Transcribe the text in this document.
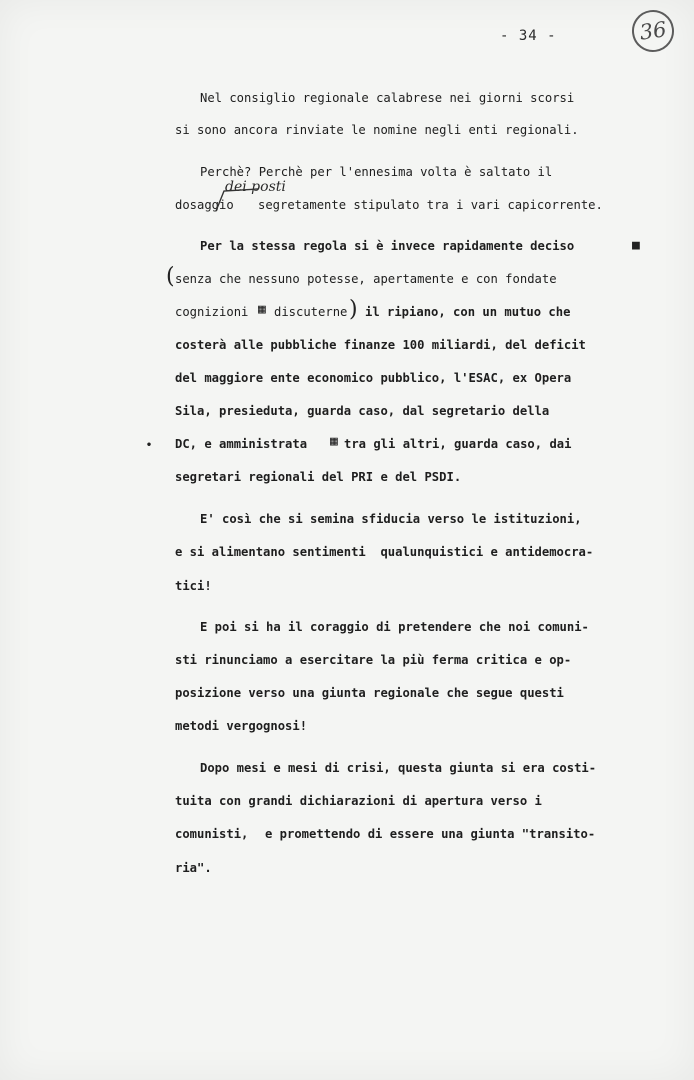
- 34 -	36
Nel consiglio regionale calabrese nei giorni scorsi
si sono ancora rinviate le nomine negli enti regionali.
Perchè? Perchè per l'ennesima volta è saltato il
dei posti
dosaggio segretamente stipulato tra i vari capicorrente.
Per la stessa regola si è invece rapidamente deciso	■
( senza che nessuno potesse, apertamente e con fondate
cognizioni ▦ discuterne ) il ripiano, con un mutuo che
costerà alle pubbliche finanze 100 miliardi, del deficit
del maggiore ente economico pubblico, l'ESAC, ex Opera
Sila, presieduta, guarda caso, dal segretario della
• DC, e amministrata ▦ tra gli altri, guarda caso, dai
segretari regionali del PRI e del PSDI.
E' così che si semina sfiducia verso le istituzioni,
e si alimentano sentimenti  qualunquistici e antidemocra-
tici!
E poi si ha il coraggio di pretendere che noi comuni-
sti rinunciamo a esercitare la più ferma critica e op-
posizione verso una giunta regionale che segue questi
metodi vergognosi!
Dopo mesi e mesi di crisi, questa giunta si era costi-
tuita con grandi dichiarazioni di apertura verso i
comunisti, e promettendo di essere una giunta "transito-
ria".
